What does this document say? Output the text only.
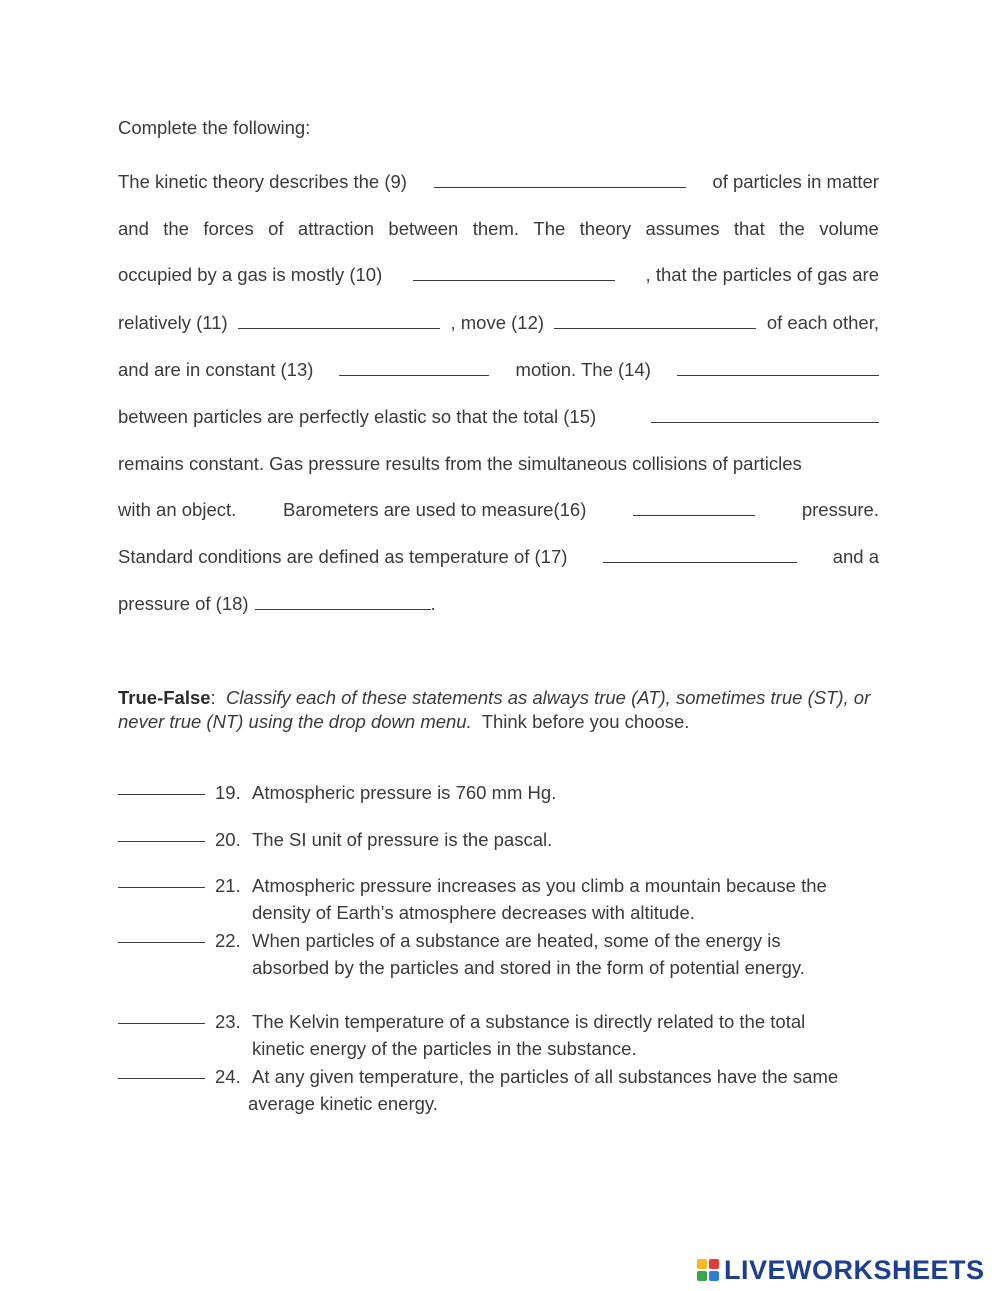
Complete the following:
The kinetic theory describes the (9)	of particles in matter
and the forces of attraction between them. The theory assumes that the volume
occupied by a gas is mostly (10)	, that the particles of gas are
relatively (11)	, move (12)	of each other,
and are in constant (13)	motion. The (14)
between particles are perfectly elastic so that the total (15)
remains constant. Gas pressure results from the simultaneous collisions of particles
with an object.	Barometers are used to measure(16)	pressure.
Standard conditions are defined as temperature of (17)	and a
pressure of (18)	.
True-False: Classify each of these statements as always true (AT), sometimes true (ST), or never true (NT) using the drop down menu. Think before you choose.
19. Atmospheric pressure is 760 mm Hg.
20. The SI unit of pressure is the pascal.
21. Atmospheric pressure increases as you climb a mountain because the
density of Earth’s atmosphere decreases with altitude.
22. When particles of a substance are heated, some of the energy is
absorbed by the particles and stored in the form of potential energy.
23. The Kelvin temperature of a substance is directly related to the total
kinetic energy of the particles in the substance.
24. At any given temperature, the particles of all substances have the same
average kinetic energy.
LIVEWORKSHEETS
